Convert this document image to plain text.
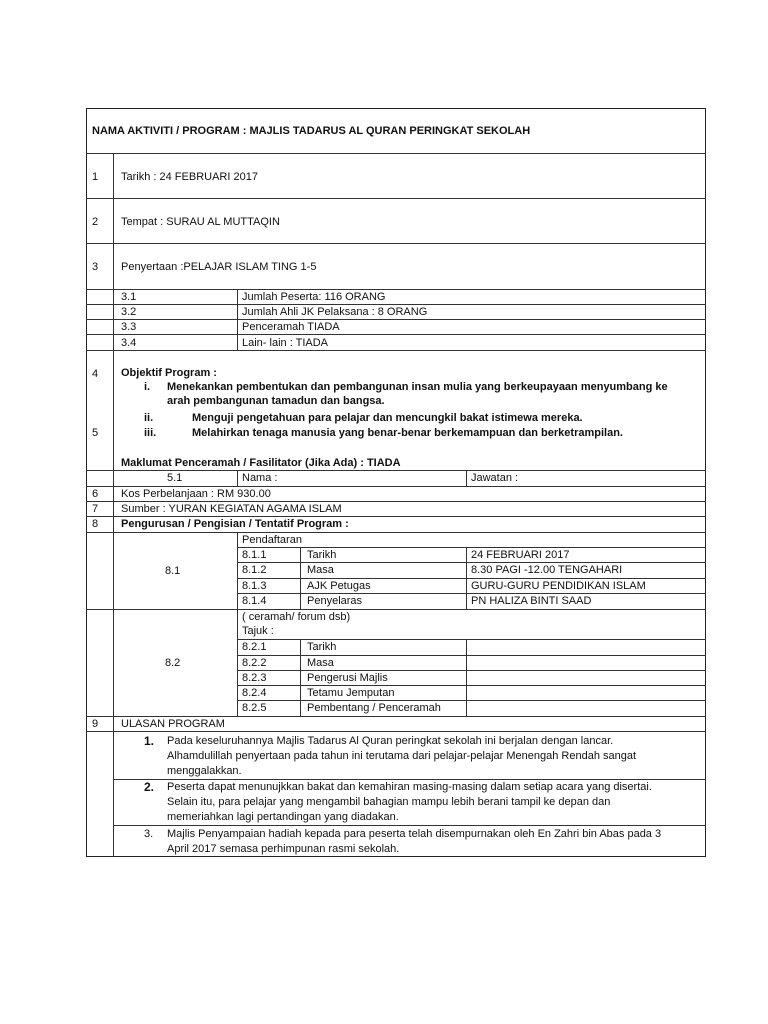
NAMA AKTIVITI / PROGRAM : MAJLIS TADARUS AL QURAN PERINGKAT SEKOLAH
1 Tarikh : 24 FEBRUARI 2017
2 Tempat : SURAU AL MUTTAQIN
3 Penyertaan :PELAJAR ISLAM TING 1-5
3.1	Jumlah Peserta: 116 ORANG
3.2	Jumlah Ahli JK Pelaksana : 8 ORANG
3.3	Penceramah TIADA
3.4	Lain- lain : TIADA
4
5
Objektif Program :
i. Menekankan pembentukan dan pembangunan insan mulia yang berkeupayaan menyumbang ke
arah pembangunan tamadun dan bangsa.
ii.	Menguji pengetahuan para pelajar dan mencungkil bakat istimewa mereka.
iii.	Melahirkan tenaga manusia yang benar-benar berkemampuan dan berketrampilan.
Maklumat Penceramah / Fasilitator (Jika Ada) : TIADA
5.1	Nama :	Jawatan :
6 Kos Perbelanjaan : RM 930.00
7 Sumber : YURAN KEGIATAN AGAMA ISLAM
8 Pengurusan / Pengisian / Tentatif Program :
8.1
Pendaftaran
8.1.1	Tarikh	24 FEBRUARI 2017
8.1.2	Masa	8.30 PAGI -12.00 TENGAHARI
8.1.3	AJK Petugas	GURU-GURU PENDIDIKAN ISLAM
8.1.4	Penyelaras	PN HALIZA BINTI SAAD
8.2
( ceramah/ forum dsb)
Tajuk :
8.2.1	Tarikh
8.2.2	Masa
8.2.3	Pengerusi Majlis
8.2.4	Tetamu Jemputan
8.2.5	Pembentang / Penceramah
9 ULASAN PROGRAM
1. Pada keseluruhannya Majlis Tadarus Al Quran peringkat sekolah ini berjalan dengan lancar.
Alhamdulillah penyertaan pada tahun ini terutama dari pelajar-pelajar Menengah Rendah sangat
menggalakkan.
2. Peserta dapat menunujkkan bakat dan kemahiran masing-masing dalam setiap acara yang disertai.
Selain itu, para pelajar yang mengambil bahagian mampu lebih berani tampil ke depan dan
memeriahkan lagi pertandingan yang diadakan.
3. Majlis Penyampaian hadiah kepada para peserta telah disempurnakan oleh En Zahri bin Abas pada 3
April 2017 semasa perhimpunan rasmi sekolah.
